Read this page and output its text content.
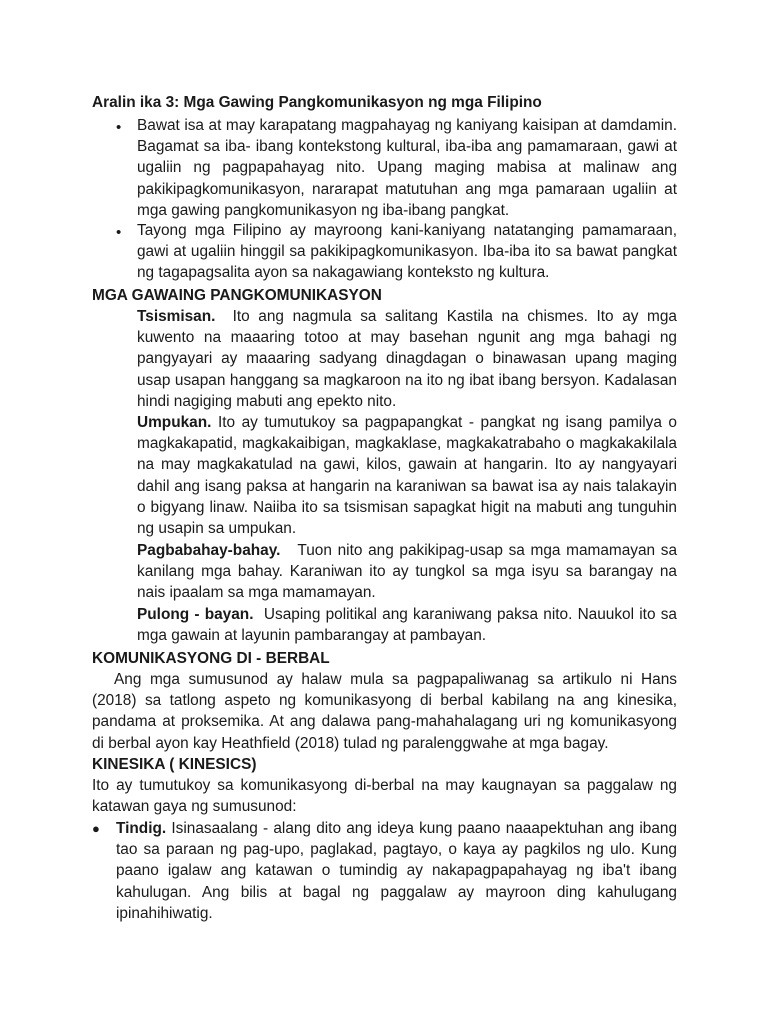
Aralin ika 3: Mga Gawing Pangkomunikasyon ng mga Filipino
• Bawat isa at may karapatang magpahayag ng kaniyang kaisipan at damdamin. Bagamat sa iba- ibang kontekstong kultural, iba-iba ang pamamaraan, gawi at ugaliin ng pagpapahayag nito. Upang maging mabisa at malinaw ang pakikipagkomunikasyon, nararapat matutuhan ang mga pamaraan ugaliin at mga gawing pangkomunikasyon ng iba-ibang pangkat.
• Tayong mga Filipino ay mayroong kani-kaniyang natatanging pamamaraan, gawi at ugaliin hinggil sa pakikipagkomunikasyon. Iba-iba ito sa bawat pangkat ng tagapagsalita ayon sa nakagawiang konteksto ng kultura.
MGA GAWAING PANGKOMUNIKASYON
Tsismisan. Ito ang nagmula sa salitang Kastila na chismes. Ito ay mga kuwento na maaaring totoo at may basehan ngunit ang mga bahagi ng pangyayari ay maaaring sadyang dinagdagan o binawasan upang maging usap usapan hanggang sa magkaroon na ito ng ibat ibang bersyon. Kadalasan hindi nagiging mabuti ang epekto nito.
Umpukan. Ito ay tumutukoy sa pagpapangkat - pangkat ng isang pamilya o magkakapatid, magkakaibigan, magkaklase, magkakatrabaho o magkakakilala na may magkakatulad na gawi, kilos, gawain at hangarin. Ito ay nangyayari dahil ang isang paksa at hangarin na karaniwan sa bawat isa ay nais talakayin o bigyang linaw. Naiiba ito sa tsismisan sapagkat higit na mabuti ang tunguhin ng usapin sa umpukan.
Pagbabahay-bahay. Tuon nito ang pakikipag-usap sa mga mamamayan sa kanilang mga bahay. Karaniwan ito ay tungkol sa mga isyu sa barangay na nais ipaalam sa mga mamamayan.
Pulong - bayan. Usaping politikal ang karaniwang paksa nito. Nauukol ito sa mga gawain at layunin pambarangay at pambayan.
KOMUNIKASYONG DI - BERBAL
Ang mga sumusunod ay halaw mula sa pagpapaliwanag sa artikulo ni Hans (2018) sa tatlong aspeto ng komunikasyong di berbal kabilang na ang kinesika, pandama at proksemika. At ang dalawa pang-mahahalagang uri ng komunikasyong di berbal ayon kay Heathfield (2018) tulad ng paralenggwahe at mga bagay.
KINESIKA ( KINESICS)
Ito ay tumutukoy sa komunikasyong di-berbal na may kaugnayan sa paggalaw ng katawan gaya ng sumusunod:
● Tindig. Isinasaalang - alang dito ang ideya kung paano naaapektuhan ang ibang tao sa paraan ng pag-upo, paglakad, pagtayo, o kaya ay pagkilos ng ulo. Kung paano igalaw ang katawan o tumindig ay nakapagpapahayag ng iba't ibang kahulugan. Ang bilis at bagal ng paggalaw ay mayroon ding kahulugang ipinahihiwatig.
